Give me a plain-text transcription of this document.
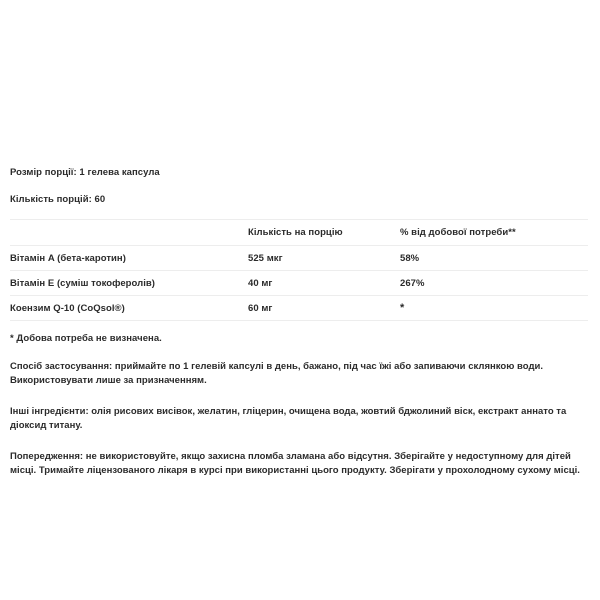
Розмір порції: 1 гелева капсула

Кількість порцій: 60

	Кількість на порцію	% від добової потреби**
Вітамін A (бета-каротин)	525 мкг	58%
Вітамін E (суміш токоферолів)	40 мг	267%
Коензим Q-10 (CoQsol®)	60 мг	*

* Добова потреба не визначена.

Спосіб застосування: приймайте по 1 гелевій капсулі в день, бажано, під час їжі або запиваючи склянкою води. Використовувати лише за призначенням.

Інші інгредієнти: олія рисових висівок, желатин, гліцерин, очищена вода, жовтий бджолиний віск, екстракт аннато та діоксид титану.

Попередження: не використовуйте, якщо захисна пломба зламана або відсутня. Зберігайте у недоступному для дітей місці. Тримайте ліцензованого лікаря в курсі при використанні цього продукту. Зберігати у прохолодному сухому місці.
